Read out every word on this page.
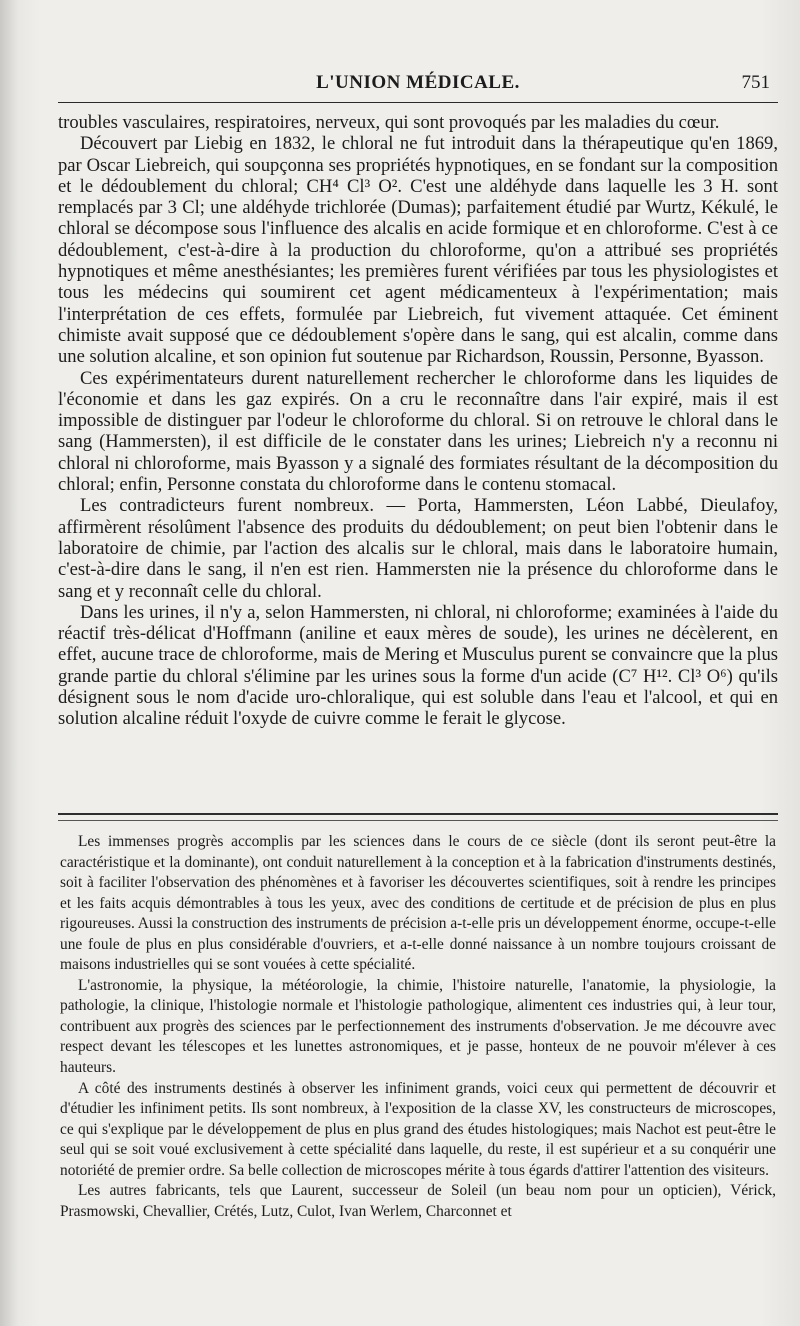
L'UNION MÉDICALE.	751

troubles vasculaires, respiratoires, nerveux, qui sont provoqués par les maladies du cœur.

Découvert par Liebig en 1832, le chloral ne fut introduit dans la thérapeutique qu'en 1869, par Oscar Liebreich, qui soupçonna ses propriétés hypnotiques, en se fondant sur la composition et le dédoublement du chloral; CH⁴ Cl³ O². C'est une aldéhyde dans laquelle les 3 H. sont remplacés par 3 Cl; une aldéhyde trichlorée (Dumas); parfaitement étudié par Wurtz, Kékulé, le chloral se décompose sous l'influence des alcalis en acide formique et en chloroforme. C'est à ce dédoublement, c'est-à-dire à la production du chloroforme, qu'on a attribué ses propriétés hypnotiques et même anesthésiantes; les premières furent vérifiées par tous les physiologistes et tous les médecins qui soumirent cet agent médicamenteux à l'expérimentation; mais l'interprétation de ces effets, formulée par Liebreich, fut vivement attaquée. Cet éminent chimiste avait supposé que ce dédoublement s'opère dans le sang, qui est alcalin, comme dans une solution alcaline, et son opinion fut soutenue par Richardson, Roussin, Personne, Byasson.

Ces expérimentateurs durent naturellement rechercher le chloroforme dans les liquides de l'économie et dans les gaz expirés. On a cru le reconnaître dans l'air expiré, mais il est impossible de distinguer par l'odeur le chloroforme du chloral. Si on retrouve le chloral dans le sang (Hammersten), il est difficile de le constater dans les urines; Liebreich n'y a reconnu ni chloral ni chloroforme, mais Byasson y a signalé des formiates résultant de la décomposition du chloral; enfin, Personne constata du chloroforme dans le contenu stomacal.

Les contradicteurs furent nombreux. — Porta, Hammersten, Léon Labbé, Dieulafoy, affirmèrent résolûment l'absence des produits du dédoublement; on peut bien l'obtenir dans le laboratoire de chimie, par l'action des alcalis sur le chloral, mais dans le laboratoire humain, c'est-à-dire dans le sang, il n'en est rien. Hammersten nie la présence du chloroforme dans le sang et y reconnaît celle du chloral.

Dans les urines, il n'y a, selon Hammersten, ni chloral, ni chloroforme; examinées à l'aide du réactif très-délicat d'Hoffmann (aniline et eaux mères de soude), les urines ne décèlerent, en effet, aucune trace de chloroforme, mais de Mering et Musculus purent se convaincre que la plus grande partie du chloral s'élimine par les urines sous la forme d'un acide (C⁷ H¹². Cl³ O⁶) qu'ils désignent sous le nom d'acide uro-chloralique, qui est soluble dans l'eau et l'alcool, et qui en solution alcaline réduit l'oxyde de cuivre comme le ferait le glycose.

Les immenses progrès accomplis par les sciences dans le cours de ce siècle (dont ils seront peut-être la caractéristique et la dominante), ont conduit naturellement à la conception et à la fabrication d'instruments destinés, soit à faciliter l'observation des phénomènes et à favoriser les découvertes scientifiques, soit à rendre les principes et les faits acquis démontrables à tous les yeux, avec des conditions de certitude et de précision de plus en plus rigoureuses. Aussi la construction des instruments de précision a-t-elle pris un développement énorme, occupe-t-elle une foule de plus en plus considérable d'ouvriers, et a-t-elle donné naissance à un nombre toujours croissant de maisons industrielles qui se sont vouées à cette spécialité.

L'astronomie, la physique, la météorologie, la chimie, l'histoire naturelle, l'anatomie, la physiologie, la pathologie, la clinique, l'histologie normale et l'histologie pathologique, alimentent ces industries qui, à leur tour, contribuent aux progrès des sciences par le perfectionnement des instruments d'observation. Je me découvre avec respect devant les télescopes et les lunettes astronomiques, et je passe, honteux de ne pouvoir m'élever à ces hauteurs.

A côté des instruments destinés à observer les infiniment grands, voici ceux qui permettent de découvrir et d'étudier les infiniment petits. Ils sont nombreux, à l'exposition de la classe XV, les constructeurs de microscopes, ce qui s'explique par le développement de plus en plus grand des études histologiques; mais Nachot est peut-être le seul qui se soit voué exclusivement à cette spécialité dans laquelle, du reste, il est supérieur et a su conquérir une notoriété de premier ordre. Sa belle collection de microscopes mérite à tous égards d'attirer l'attention des visiteurs.

Les autres fabricants, tels que Laurent, successeur de Soleil (un beau nom pour un opticien), Vérick, Prasmowski, Chevallier, Crétés, Lutz, Culot, Ivan Werlem, Charconnet et
